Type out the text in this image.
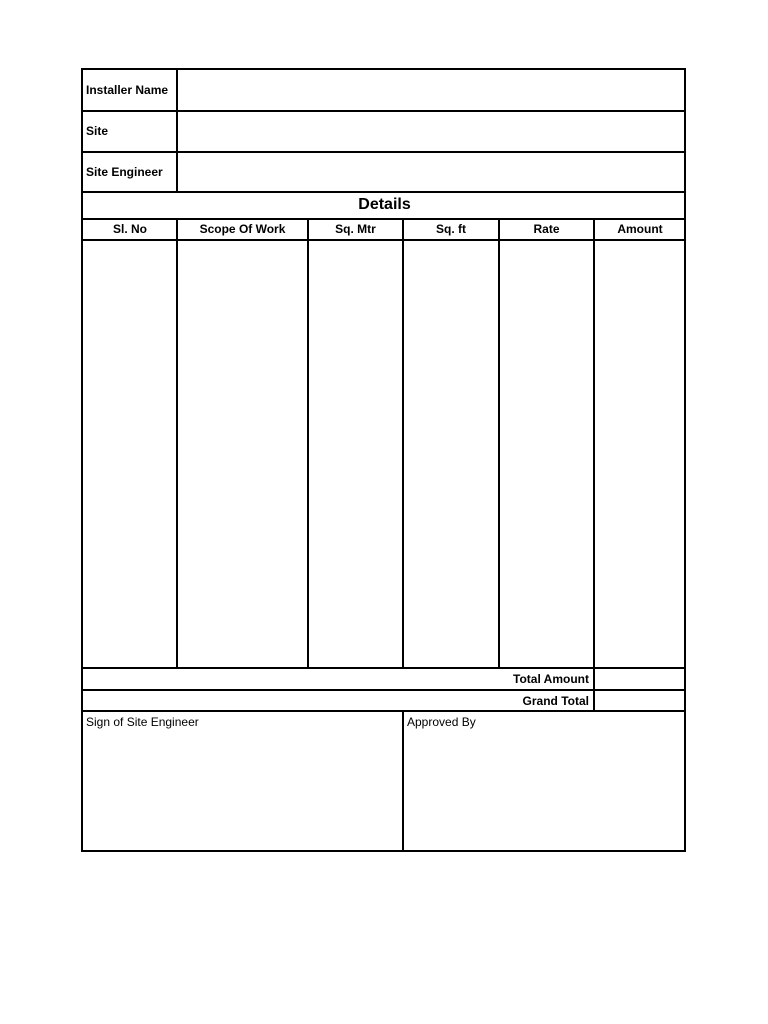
Installer Name
Site
Site Engineer
Details
Sl. No	Scope Of Work	Sq. Mtr	Sq. ft	Rate	Amount
Total Amount
Grand Total
Sign of Site Engineer	Approved By
